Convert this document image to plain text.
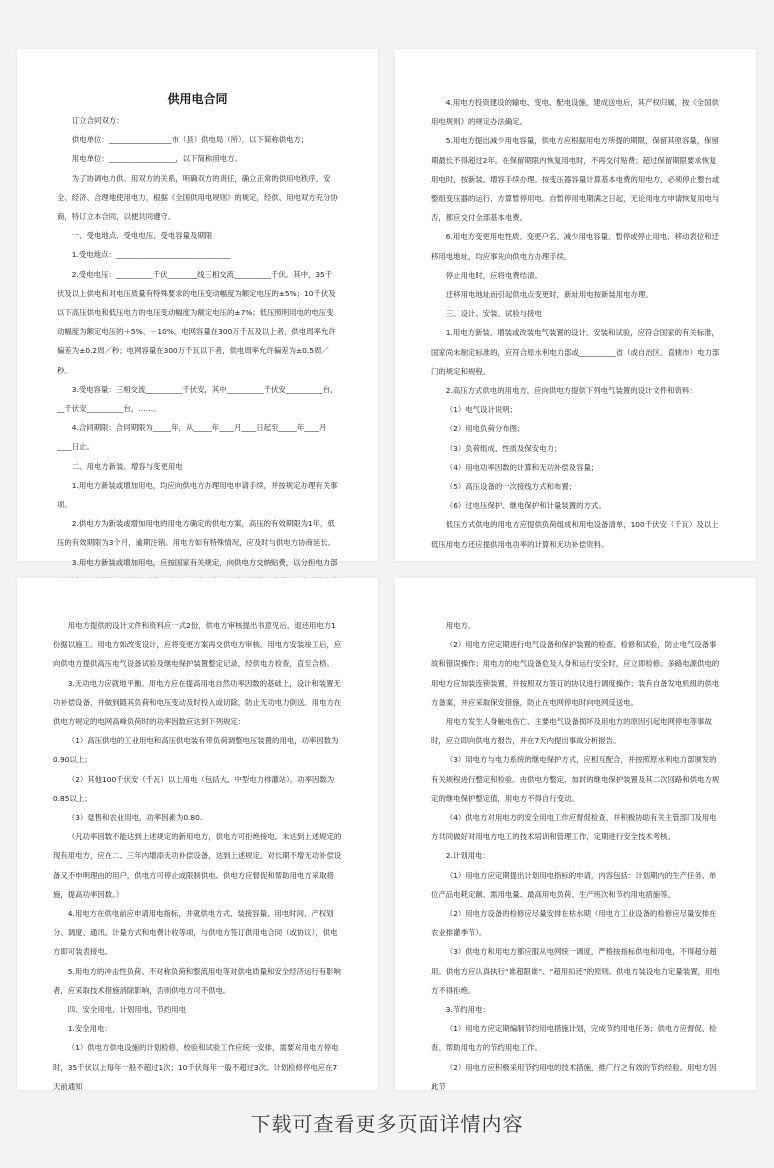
供用电合同

订立合同双方：

供电单位：_________________市（县）供电局（所），以下简称供电方；

用电单位：__________________，以下简称用电方。

为了协调电力供、用双方的关系，明确双方的责任，确立正常的供用电秩序，安全、经济、合理地使用电力，根据《全国供用电规则》的规定，经供、用电双方充分协商，特订立本合同，以便共同遵守。

一、受电地点、受电电压、受电容量及期限

1.受电地点：_______________________________

2.受电电压：__________千伏________线三相交流__________千伏。其中，35千伏及以上供电和对电压质量有特殊要求的电压变动幅度为额定电压的±5%；10千伏及以下高压供电和低压电力的电压变动幅度为额定电压的±7%；低压照明用电的电压变动幅度为额定电压的＋5%、－10%。电网容量在300万千瓦及以上者，供电周率允许偏差为±0.2周／秒；电网容量在300万千瓦以下者，供电周率允许偏差为±0.5周／秒。

3.受电容量：三相交流__________千伏安，其中__________千伏安__________台，__千伏安__________台，……。

4.合同期限：合同期限为_____年，从_____年____月____日起至_____年____月____日止。

二、用电方新装、增容与变更用电

1.用电方新装或增加用电，均应向供电方办理用电申请手续，并按规定办理有关事项。

2.供电方为新装或增加用电的用电方确定的供电方案，高压的有效期限为1年，低压的有效期限为3个月，逾期注销。用电方如有特殊情况，应及时与供电方协商延长。

3.用电方新装或增加用电，应按国家有关规定，向供电方交纳贴费，以分担电力部

4.用电方投资建设的输电、变电、配电设施，建成送电后，其产权归属，按《全国供用电规则》的规定办法确定。

5.用电方提出减少用电容量，供电方应根据用电方所提的期限，保留其原容量，保留期最长不得超过2年。在保留期限内恢复用电时，不再交付贴费；超过保留期限要求恢复用电时，按新装、增容手续办理。按变压器容量计算基本电费的用电方，必须停止整台或整组变压器的运行，方算暂停用电。自暂停用电期满之日起，无论用电方申请恢复用电与否，都应交付全部基本电费。

6.用电方变更用电性质、变更户名、减少用电容量、暂停或停止用电、移动表位和迁移用电地址，均应事先向供电方办理手续。

停止用电时，应将电费结清。

迁移用电地址而引起供电点变更时，新址用电按新装用电办理。

三、设计、安装、试验与接电

1.用电方新装、增装或改装电气装置的设计、安装和试验，应符合国家的有关标准，国家尚未制定标准的，应符合原水利电力部或__________省（或自治区、直辖市）电力部门的规定和规程。

2.高压方式供电的用电方，应向供电方提供下列电气装置的设计文件和资料：

（1）电气设计说明；

（2）用电负荷分布图；

（3）负荷组成、性质及保安电力；

（4）用电功率因数的计算和无功补偿及容量；

（5）高压设备的一次接线方式和布置；

（6）过电压保护、继电保护和计量装置的方式。

低压方式供电的用电方应提供负荷组成和用电设备清单，100千伏安（千瓦）及以上低压用电方还应提供用电功率的计算和无功补偿资料。

用电方提供的设计文件和资料应一式2份，供电方审核提出书意见后，退还用电方1份据以施工。用电方如改变设计，应将变更方案再交供电方审核。用电方安装竣工后，应向供电方提供高压电气设备试验及继电保护装置整定记录，经供电方检查，直至合格。

3.无功电力应就地平衡。用电方应在提高用电自然功率因数的基础上，设计和装置无功补偿设备，并做到随其负荷和电压变动及时投入或切除，防止无功电力倒送。用电方在供电方规定的电网高峰负荷时的功率因数应达到下列规定：

（1）高压供电的工业用电和高压供电装有带负荷调整电压装置的用电，功率因数为0.90以上；

（2）其他100千伏安（千瓦）以上用电（包括大、中型电力排灌站），功率因数为0.85以上；

（3）趸售和农业用电，功率因素为0.80.

（凡功率因数不能达到上述规定的新用电方，供电方可拒绝接电。未达到上述规定的现有用电方，应在二、三年内增添无功补偿设备，达到上述规定。对长期不增无功补偿设备又不申明理由的用户，供电方可停止或限制供电。供电方应督促和帮助用电方采取措施，提高功率因数。）

4.用电方在供电前应申请用电指标，并就供电方式、装接容量、用电时间、产权划分、调度、通讯、计量方式和电费计收等项，与供电方签订供用电合同（或协议），供电方即可装表接电。

5.用电方的冲击性负荷、不对称负荷和整流用电等对供电质量和安全经济运行有影响者，应采取技术措施消除影响，否则供电方可不供电。

四、安全用电、计划用电、节约用电

1.安全用电：

（1）供电方供电设施的计划检修，校验和试验工作应统一安排，需要对用电方停电时，35千伏以上每年一般不超过1次；10千伏每年一般不超过3次。计划检修停电应在7天前通知

用电方。

（2）用电方应定期进行电气设备和保护装置的检查、检修和试验，防止电气设备事故和错误操作；用电方的电气设备危及人身和运行安全时，应立即检修；多路电源供电的用电方应加装连锁装置，并按照双方签订的协议进行调度操作；装有自备发电机组的供电方备案，并应采取保安措施，防止在电网停电时向电网反送电。

用电方发生人身触电伤亡、主要电气设备损坏及用电方的原因引起电网停电等事故时，应立即向供电方报告，并在7天内提出事故分析报告。

（3）用电方与电力系统的继电保护方式，应相互配合，并按照原水利电力部颁发的有关规程进行整定和检验。由供电方整定、加封的继电保护装置及其二次回路和供电方规定的继电保护整定值，用电方不得自行变动。

（4）供电方对用电方的安全用电工作应督促检查，并积极协助有关主管部门及用电方共同做好对用电方电工的技术培训和管理工作，定期进行安全技术考核。

2.计划用电：

（1）用电方应定期提出计划用电指标的申请，内容包括：计划期内的生产任务、单位产品电耗定额、需用电量、最高用电负荷、生产班次和节约用电措施等。

（2）用电方设备的检修应尽量安排在枯水期（用电方工业设备的检修应尽量安排在农业排灌季节）。

（3）供电方和用电方都应服从电网统一调度，严格按指标供电和用电，不得超分超用。供电方应认真执行“谁超限谁”、“超用扣还”的原则。供电方装设电力定量装置，用电方不得拒绝。

3.节约用电：

（1）用电方应定期编制节约用电措施计划，完成节约用电任务；供电方应督促、检查、帮助用电方的节约用电工作。

（2）用电方应积极采用节约用电的技术措施，推广行之有效的节约经验。用电方因此节

下载可查看更多页面详情内容
